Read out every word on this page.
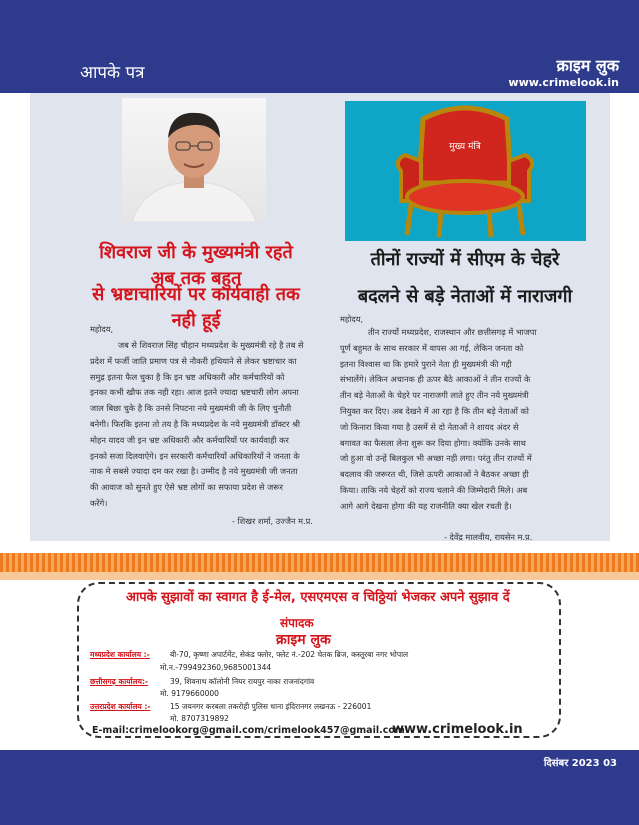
आपके पत्र	क्राइम लुक
www.crimelook.in
मुख्य मंत्रि
शिवराज जी के मुख्यमंत्री रहते अब तक बहुत
से भ्रष्टाचारियों पर कार्यवाही तक नही हूई
महोदय,
जब से शिवराज सिंह चौहान मध्यप्रदेश के मुख्यमंत्री रहे है तब से
प्रदेश में फर्जी जाति प्रमाण पत्र से नौकरी हथियाने से लेकर भ्रष्टाचार का
समुद्र इतना फैल चुका है कि इन भ्रष्ट अधिकारी और कर्मचारियों को
इनका कभी खौफ तक नही रहा। आज इतने ज्यादा भ्रष्टचारी लोग अपना
जाल बिछा चुके है कि उनसे निपटना नये मुख्यमंत्री जी के लिए चुनौती
बनेगी। फिरकि इतना तो तय है कि मध्यप्रदेश के नये मुख्यमंत्री डॉक्टर श्री
मोहन यादव जी इन भ्रष्ट अधिकारी और कर्मचारियों पर कार्यवाही कर
इनको सजा दिलवाऐगे। इन सरकारी कर्मचारियों अधिकारियों ने जनता के
नाक मे सबसे ज्यादा दम कर रखा है। उम्मीद है नये मुख्यमंत्री जी जनता
की आवाज को सुनते हुए ऐसे भ्रष्ट लोगों का सफाया प्रदेश से जरूर
करेंगे।
- शिखर शर्मा, उज्जैन म.प्र.
तीनों राज्यों में सीएम के चेहरे
बदलने से बड़े नेताओं में नाराजगी
महोदय,
तीन राज्यों मध्यप्रदेश, राजस्थान और छत्तीसगढ़ में भाजपा
पूर्ण बहुमत के साथ सरकार में वापस आ गई, लेकिन जनता को
इतना विश्वास था कि हमारे पुराने नेता ही मुख्यमंत्री की गद्दी
संभालेंगे। लेकिन अचानक ही ऊपर बैठे आकाओं ने तीन राज्यों के
तीन बड़े नेताओं के चेहरे पर नाराजगी लाते हुए तीन नये मुख्यमंत्री
नियुक्त कर दिए। अब देखने में आ रहा है कि तीन बड़े नेताओं को
जो किनारा किया गया है उसमें से दो नेताओं ने शायद अंदर से
बगावत का फैसला लेना शुरू कर दिया होगा। क्योंकि उनके साथ
जो हुआ वो उन्हें बिलकुल भी अच्छा नही लगा। परंतु तीन राज्यों में
बदलाव की जरूरत थी, जिसे ऊपरी आकाओं ने बैठकर अच्छा ही
किया। ताकि नये चेहरों को राज्य चलाने की जिम्मेदारी मिले। अब
आगे आगे देखना होगा की यह राजनीति क्या खेल रचती है।
- देवेंद्र मालवीय, रायसेन म.प्र.
आपके सुझावों का स्वागत है ई-मेल, एसएमएस व चिठ्ठियां भेजकर अपने सुझाव दें
संपादक
क्राइम लुक
मध्यप्रदेश कार्यालय :-	बी-70, कृष्णा अपार्टमेंट, सेकंड फ्लोर, फ्लेट नं.-202 चेतक ब्रिज, कस्तूरबा नगर भोपाल
मो.न.-799492360,9685001344
छत्तीसगढ़ कार्यालय:-	39, शिवनाथ कॉलोनी नियर रायपुर नाका राजनांदगांव
मो. 9179660000
उत्तरप्रदेश कार्यालय :-	15 जयनगर करबला तकरोही पुलिस थाना इंदिरानगर लखनऊ - 226001
मो. 8707319892
E-mail:crimelookorg@gmail.com/crimelook457@gmail.com
www.crimelook.in
दिसंबर 2023 03
